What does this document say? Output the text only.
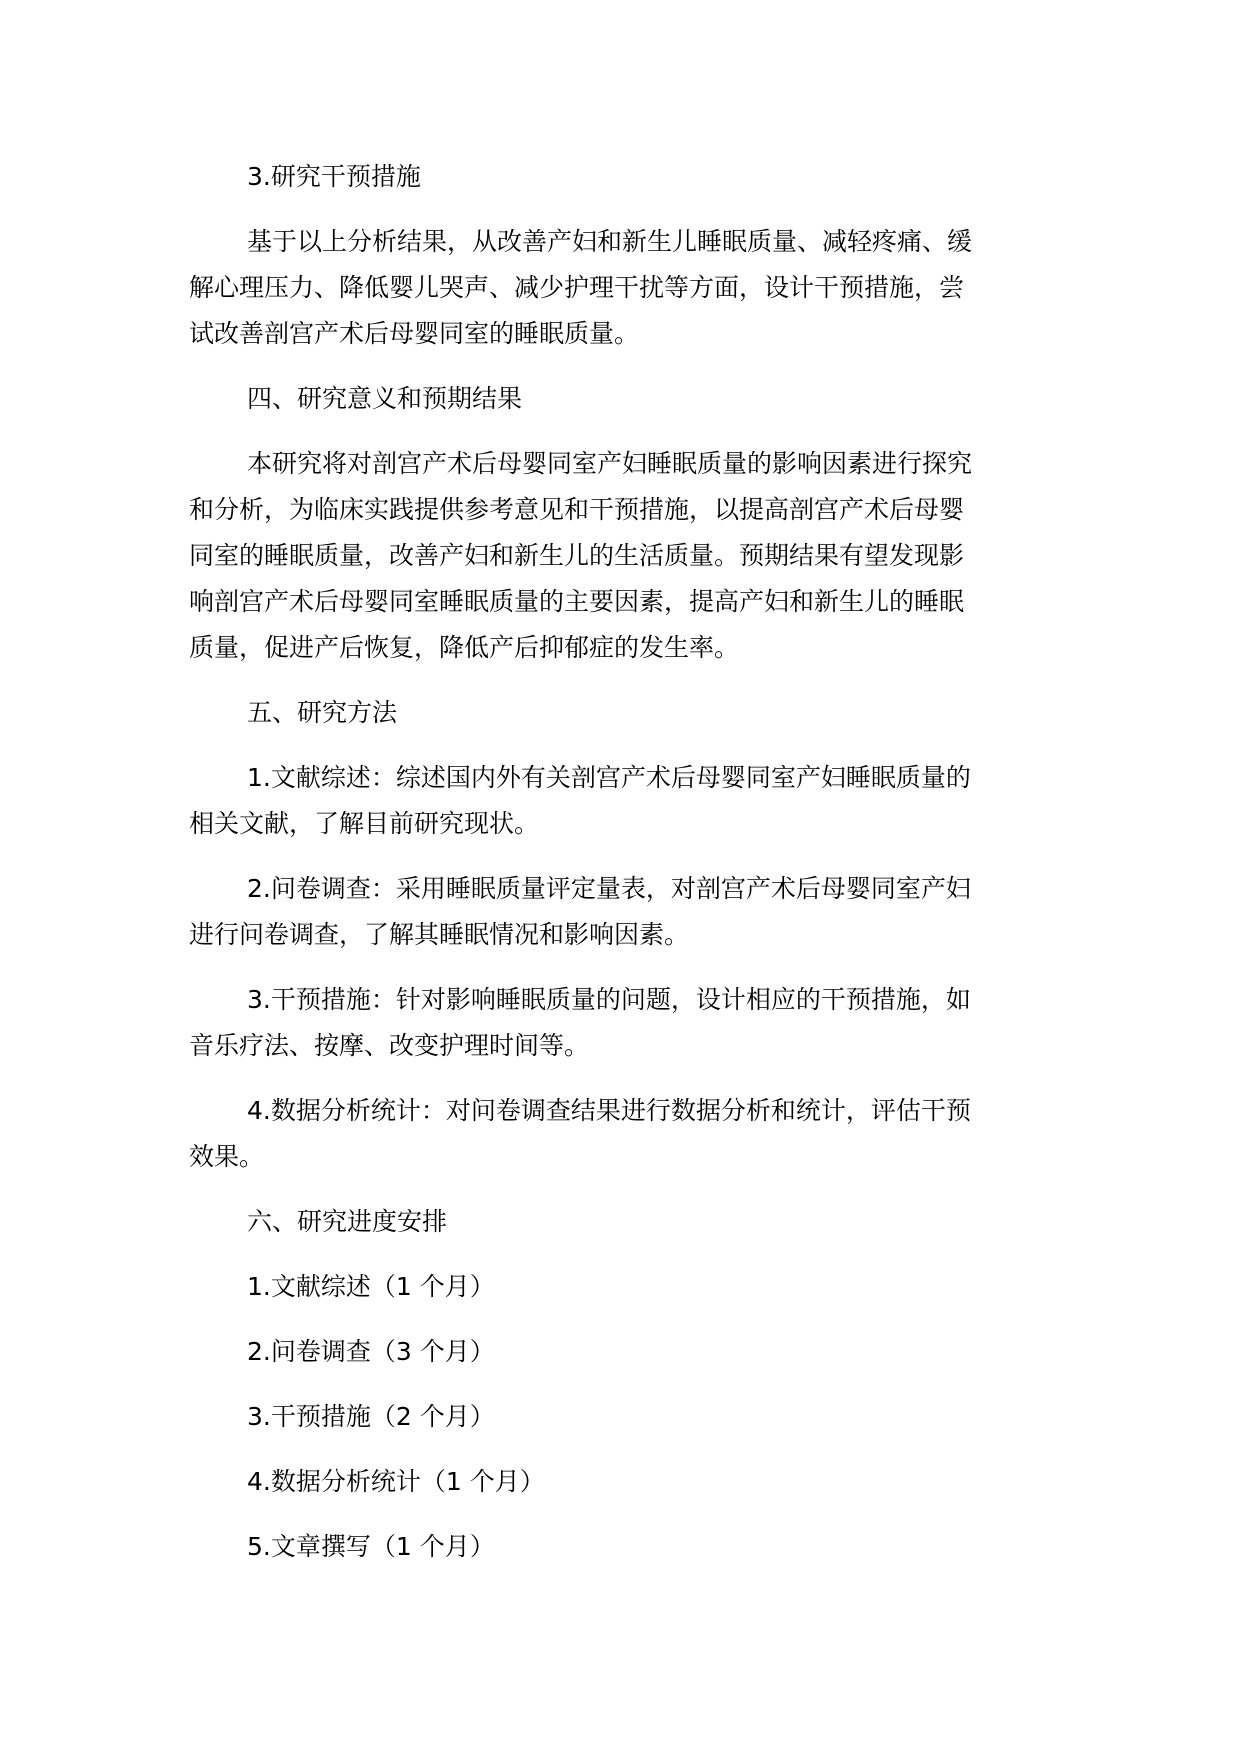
3.研究干预措施
基于以上分析结果，从改善产妇和新生儿睡眠质量、减轻疼痛、缓
解心理压力、降低婴儿哭声、减少护理干扰等方面，设计干预措施，尝
试改善剖宫产术后母婴同室的睡眠质量。
四、研究意义和预期结果
本研究将对剖宫产术后母婴同室产妇睡眠质量的影响因素进行探究
和分析，为临床实践提供参考意见和干预措施，以提高剖宫产术后母婴
同室的睡眠质量，改善产妇和新生儿的生活质量。预期结果有望发现影
响剖宫产术后母婴同室睡眠质量的主要因素，提高产妇和新生儿的睡眠
质量，促进产后恢复，降低产后抑郁症的发生率。
五、研究方法
1.文献综述：综述国内外有关剖宫产术后母婴同室产妇睡眠质量的
相关文献，了解目前研究现状。
2.问卷调查：采用睡眠质量评定量表，对剖宫产术后母婴同室产妇
进行问卷调查，了解其睡眠情况和影响因素。
3.干预措施：针对影响睡眠质量的问题，设计相应的干预措施，如
音乐疗法、按摩、改变护理时间等。
4.数据分析统计：对问卷调查结果进行数据分析和统计，评估干预
效果。
六、研究进度安排
1.文献综述（1 个月）
2.问卷调查（3 个月）
3.干预措施（2 个月）
4.数据分析统计（1 个月）
5.文章撰写（1 个月）
